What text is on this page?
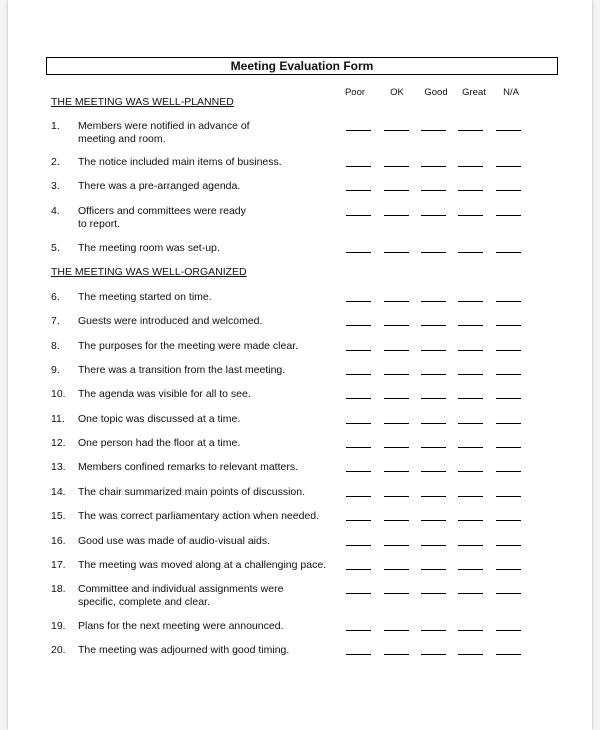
Meeting Evaluation Form
Poor	OK	Good	Great	N/A
THE MEETING WAS WELL-PLANNED
1.	Members were notified in advance of
meeting and room.
2.	The notice included main items of business.
3.	There was a pre-arranged agenda.
4.	Officers and committees were ready
to report.
5.	The meeting room was set-up.
THE MEETING WAS WELL-ORGANIZED
6.	The meeting started on time.
7.	Guests were introduced and welcomed.
8.	The purposes for the meeting were made clear.
9.	There was a transition from the last meeting.
10.	The agenda was visible for all to see.
11.	One topic was discussed at a time.
12.	One person had the floor at a time.
13.	Members confined remarks to relevant matters.
14.	The chair summarized main points of discussion.
15.	The was correct parliamentary action when needed.
16.	Good use was made of audio-visual aids.
17.	The meeting was moved along at a challenging pace.
18.	Committee and individual assignments were
specific, complete and clear.
19.	Plans for the next meeting were announced.
20.	The meeting was adjourned with good timing.
